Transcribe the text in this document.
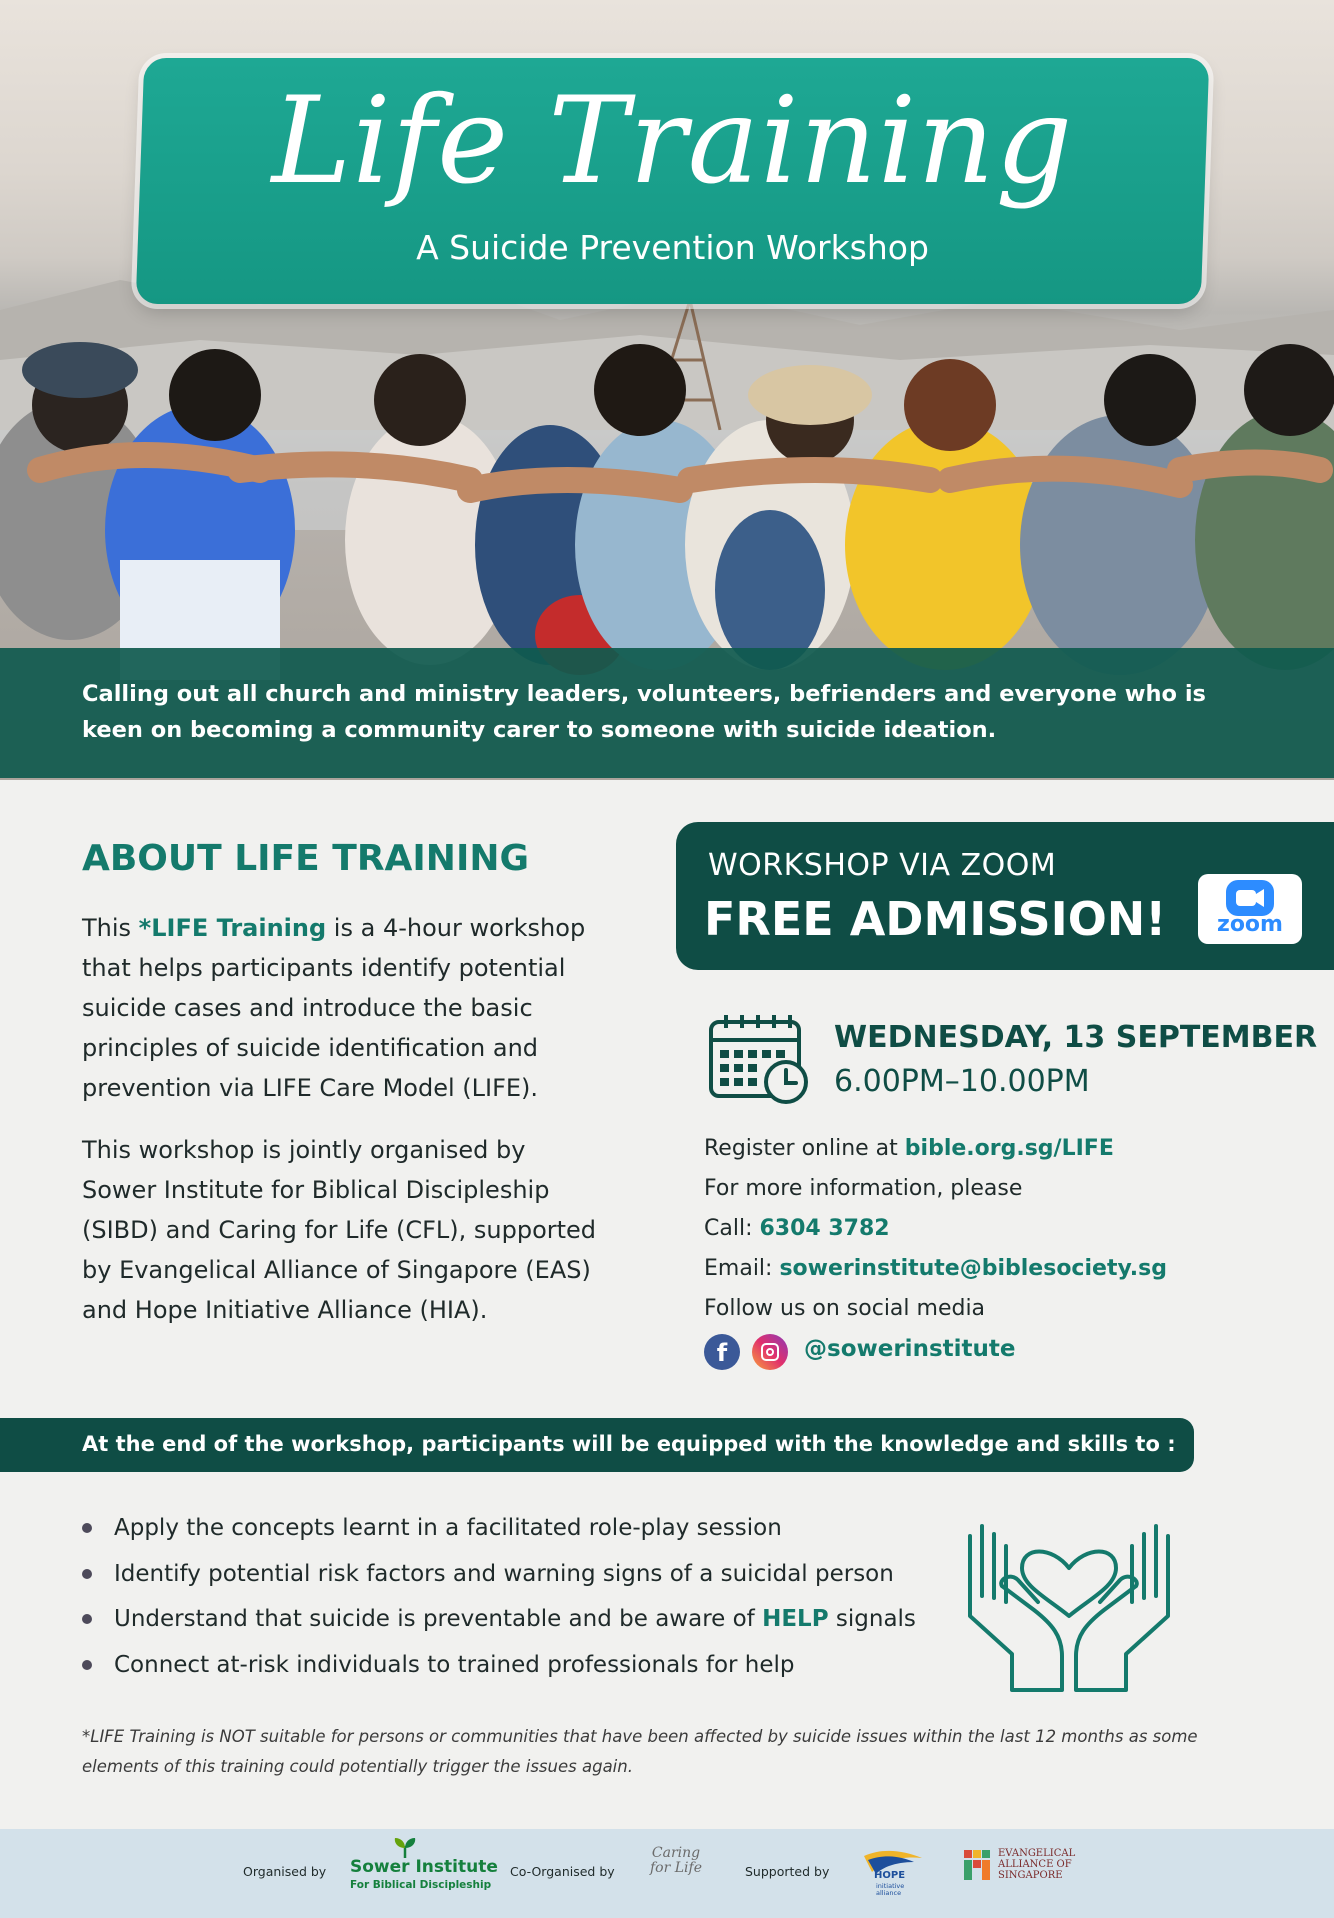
Life Training
A Suicide Prevention Workshop
Calling out all church and ministry leaders, volunteers, befrienders and everyone who is keen on becoming a community carer to someone with suicide ideation.
ABOUT LIFE TRAINING

This *LIFE Training is a 4-hour workshop that helps participants identify potential suicide cases and introduce the basic principles of suicide identification and prevention via LIFE Care Model (LIFE).

This workshop is jointly organised by Sower Institute for Biblical Discipleship (SIBD) and Caring for Life (CFL), supported by Evangelical Alliance of Singapore (EAS) and Hope Initiative Alliance (HIA).

WORKSHOP VIA ZOOM
FREE ADMISSION!	zoom
WEDNESDAY, 13 SEPTEMBER
6.00PM–10.00PM
Register online at bible.org.sg/LIFE
For more information, please
Call: 6304 3782
Email: sowerinstitute@biblesociety.sg
Follow us on social media
f	@sowerinstitute
At the end of the workshop, participants will be equipped with the knowledge and skills to :
Apply the concepts learnt in a facilitated role-play session
Identify potential risk factors and warning signs of a suicidal person
Understand that suicide is preventable and be aware of HELP signals
Connect at-risk individuals to trained professionals for help
*LIFE Training is NOT suitable for persons or communities that have been affected by suicide issues within the last 12 months as some elements of this training could potentially trigger the issues again.
Organised by Sower Institute
For Biblical Discipleship
Co-Organised by
Caring for Life	Supported by	HOPE
initiative alliance
EVANGELICAL ALLIANCE OF SINGAPORE
